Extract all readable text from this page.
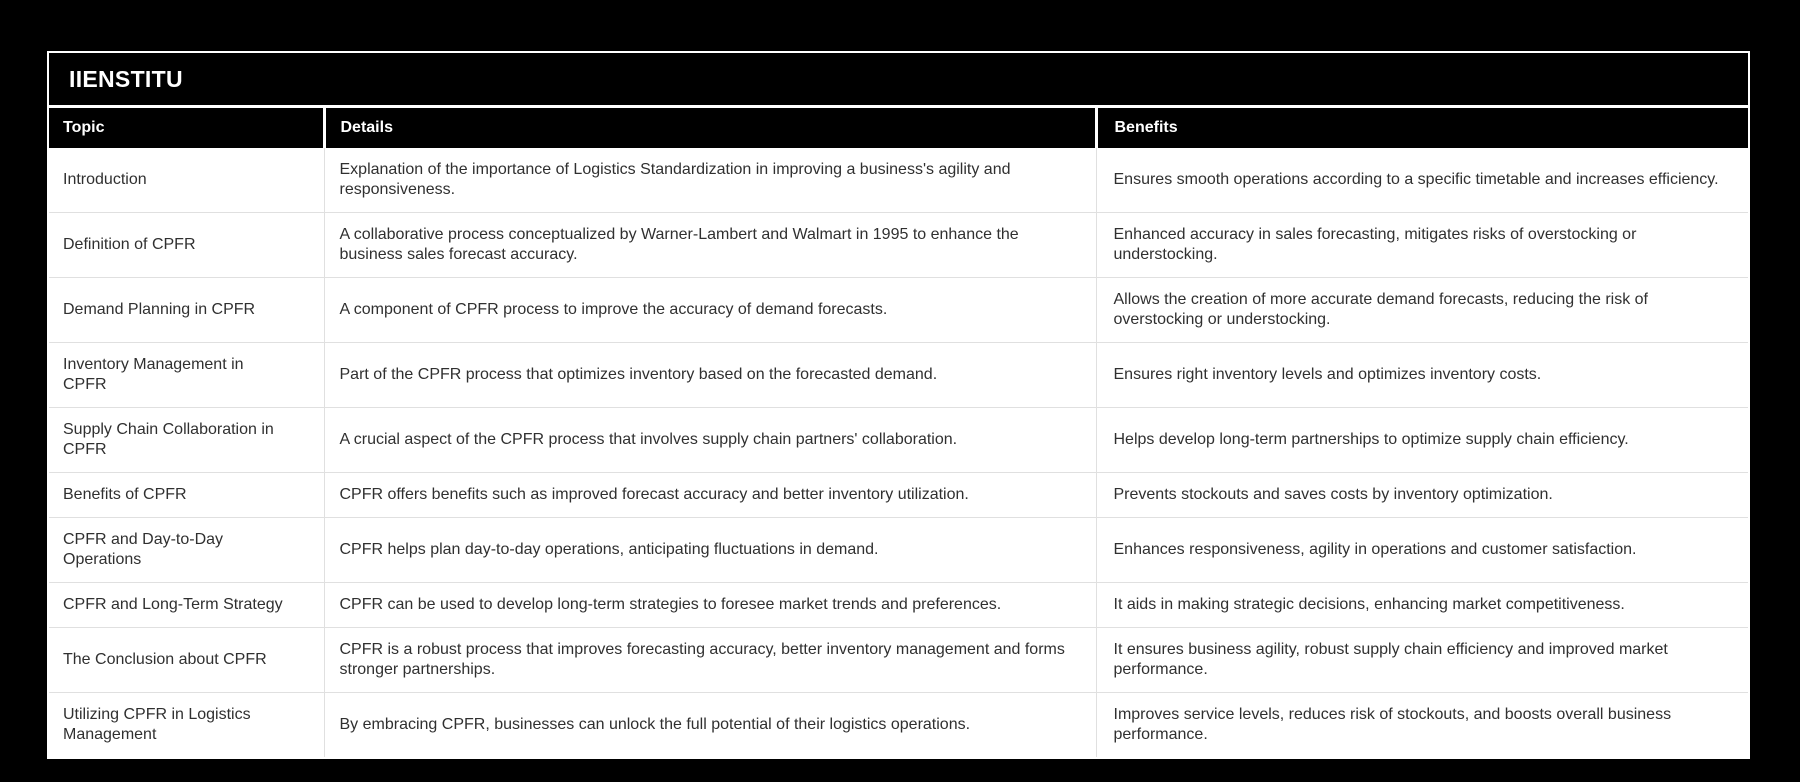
IIENSTITU
Topic	Details	Benefits
Introduction	Explanation of the importance of Logistics Standardization in improving a business's agility and responsiveness.	Ensures smooth operations according to a specific timetable and increases efficiency.
Definition of CPFR	A collaborative process conceptualized by Warner-Lambert and Walmart in 1995 to enhance the business sales forecast accuracy.	Enhanced accuracy in sales forecasting, mitigates risks of overstocking or understocking.
Demand Planning in CPFR	A component of CPFR process to improve the accuracy of demand forecasts.	Allows the creation of more accurate demand forecasts, reducing the risk of overstocking or understocking.
Inventory Management in CPFR	Part of the CPFR process that optimizes inventory based on the forecasted demand.	Ensures right inventory levels and optimizes inventory costs.
Supply Chain Collaboration in CPFR	A crucial aspect of the CPFR process that involves supply chain partners' collaboration.	Helps develop long-term partnerships to optimize supply chain efficiency.
Benefits of CPFR	CPFR offers benefits such as improved forecast accuracy and better inventory utilization.	Prevents stockouts and saves costs by inventory optimization.
CPFR and Day-to-Day Operations	CPFR helps plan day-to-day operations, anticipating fluctuations in demand.	Enhances responsiveness, agility in operations and customer satisfaction.
CPFR and Long-Term Strategy	CPFR can be used to develop long-term strategies to foresee market trends and preferences.	It aids in making strategic decisions, enhancing market competitiveness.
The Conclusion about CPFR	CPFR is a robust process that improves forecasting accuracy, better inventory management and forms stronger partnerships.	It ensures business agility, robust supply chain efficiency and improved market performance.
Utilizing CPFR in Logistics Management	By embracing CPFR, businesses can unlock the full potential of their logistics operations.	Improves service levels, reduces risk of stockouts, and boosts overall business performance.
